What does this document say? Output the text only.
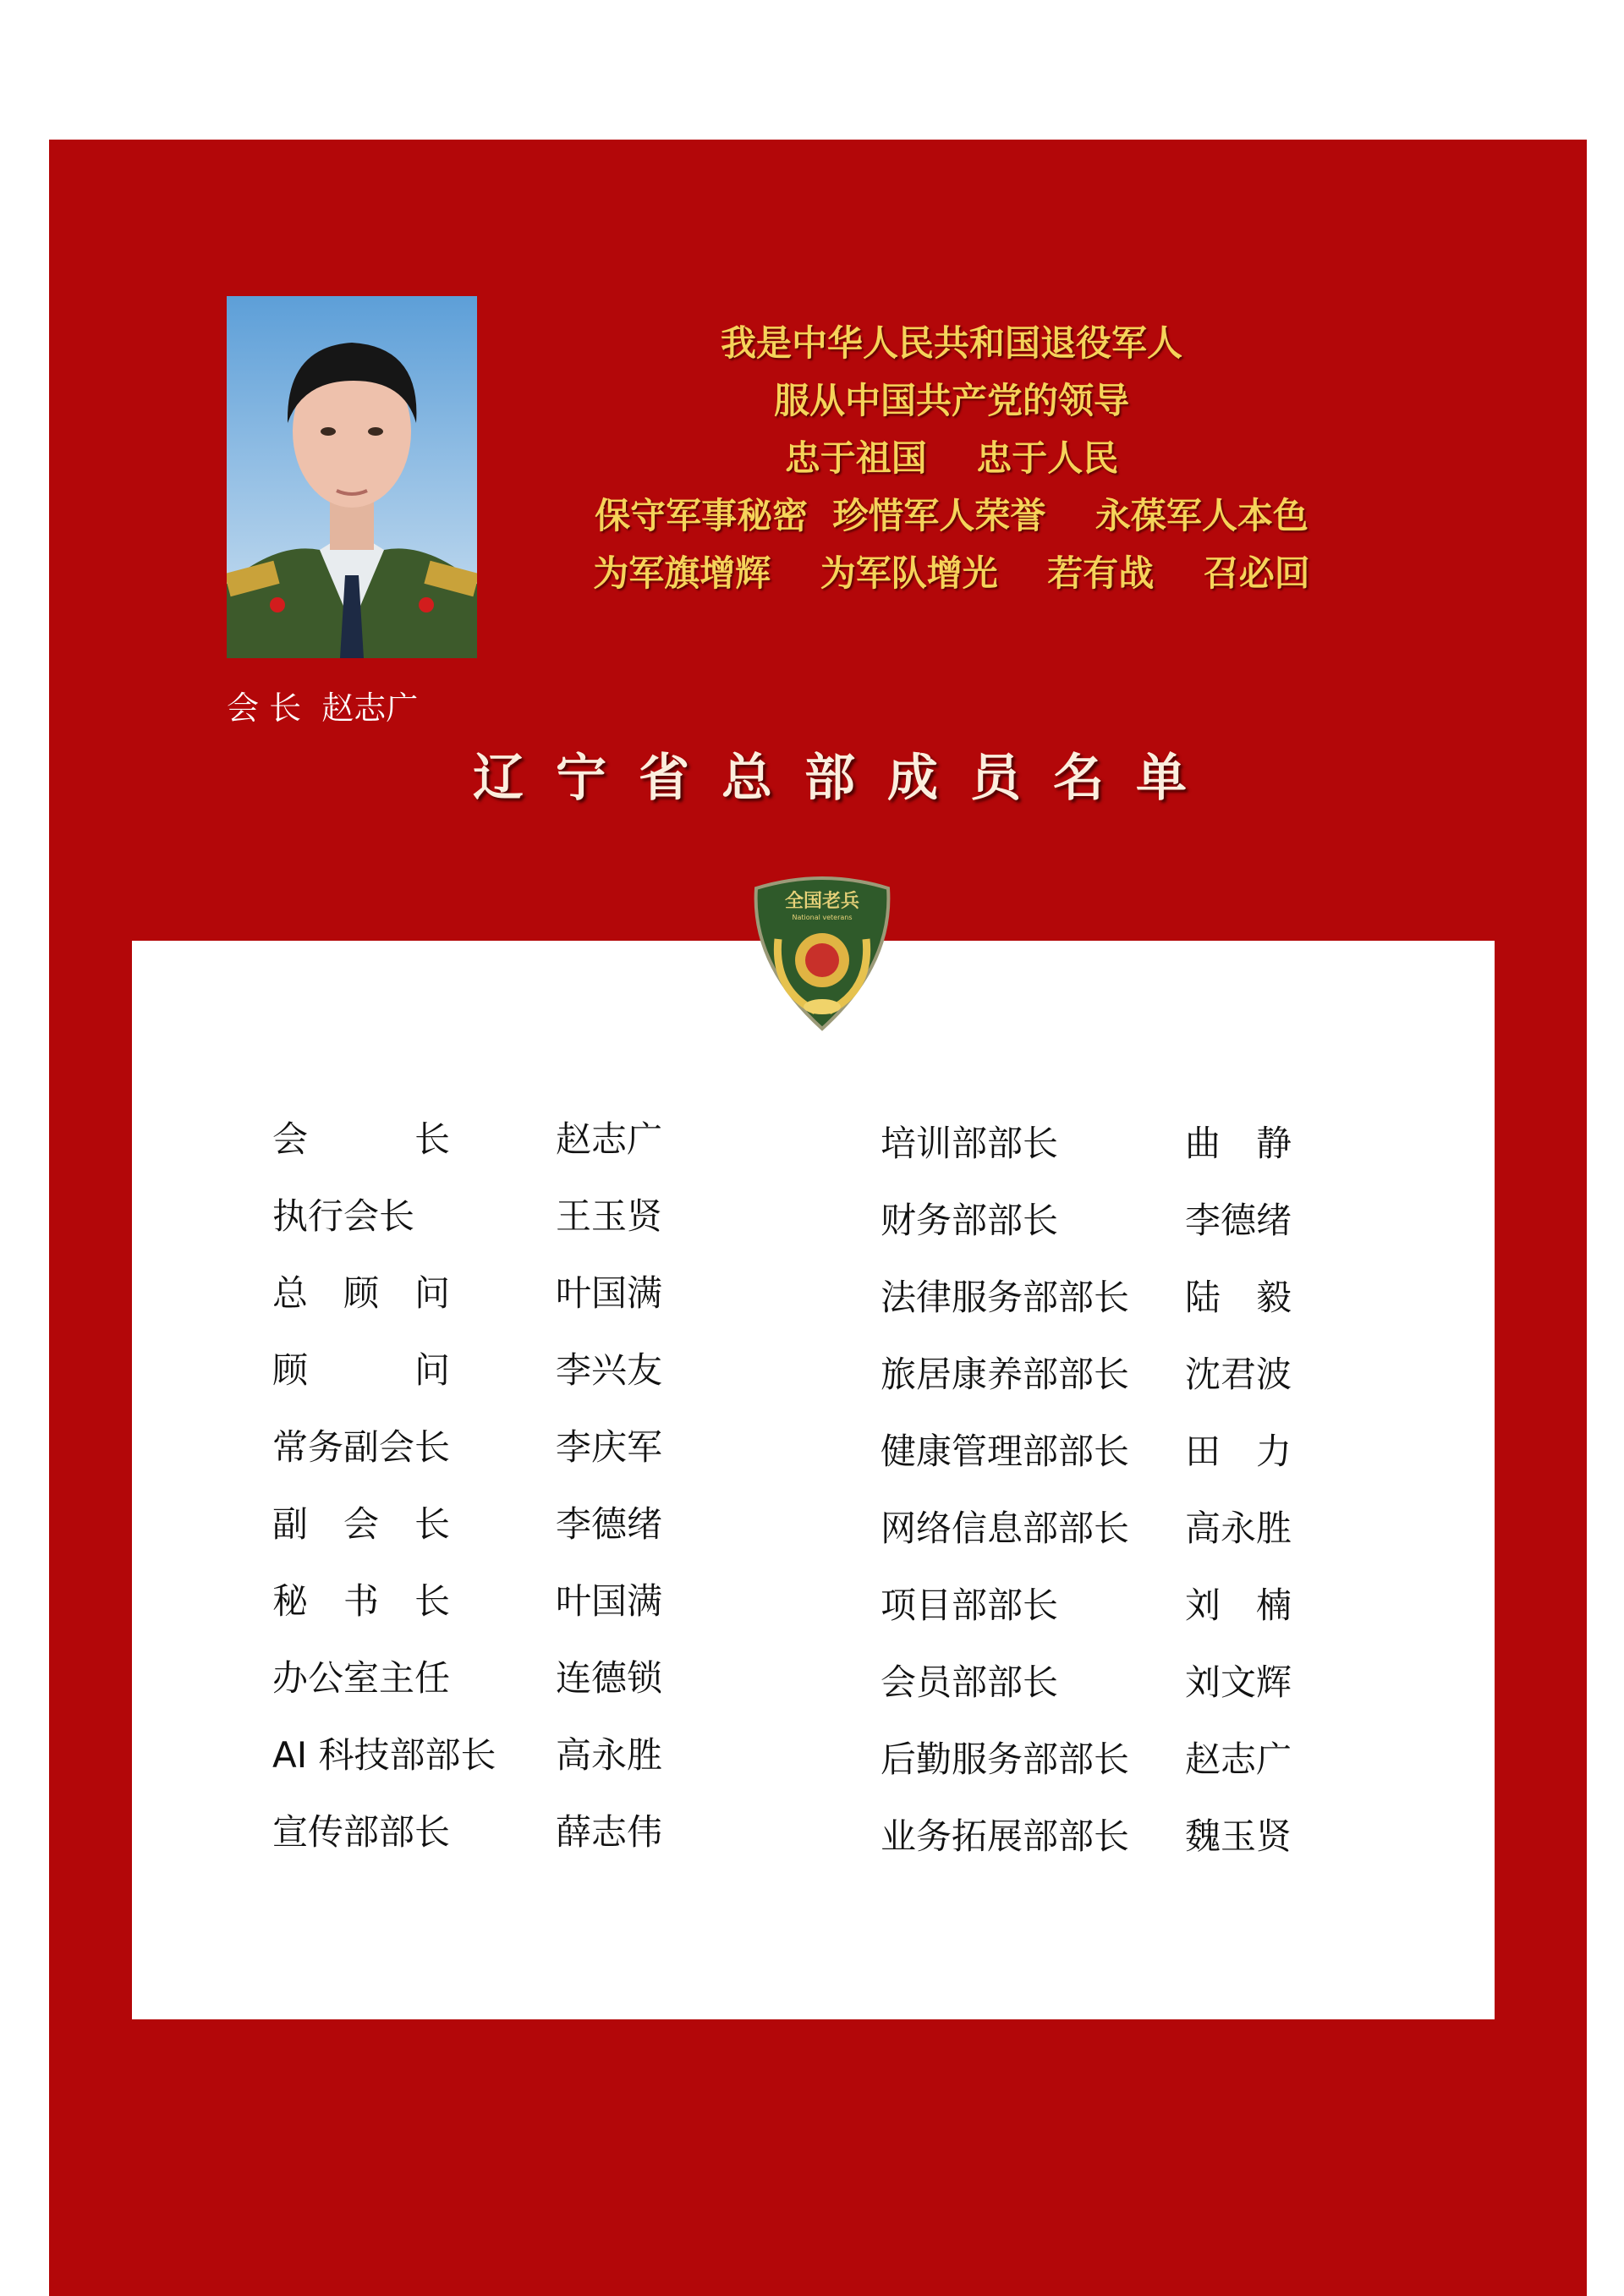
会 长  赵志广
我是中华人民共和国退役军人
服从中国共产党的领导
忠于祖国    忠于人民
保守军事秘密  珍惜军人荣誉    永葆军人本色
为军旗增辉    为军队增光    若有战    召必回
辽宁省总部成员名单
全国老兵
National veterans
会　　　长	赵志广
执行会长	王玉贤
总　顾　问	叶国满
顾　　　问	李兴友
常务副会长	李庆军
副　会　长	李德绪
秘　书　长	叶国满
办公室主任	连德锁
AI 科技部部长 高永胜
宣传部部长	薛志伟
培训部部长	曲　静
财务部部长	李德绪
法律服务部部长 陆　毅
旅居康养部部长 沈君波
健康管理部部长 田　力
网络信息部部长 高永胜
项目部部长	刘　楠
会员部部长	刘文辉
后勤服务部部长 赵志广
业务拓展部部长 魏玉贤
